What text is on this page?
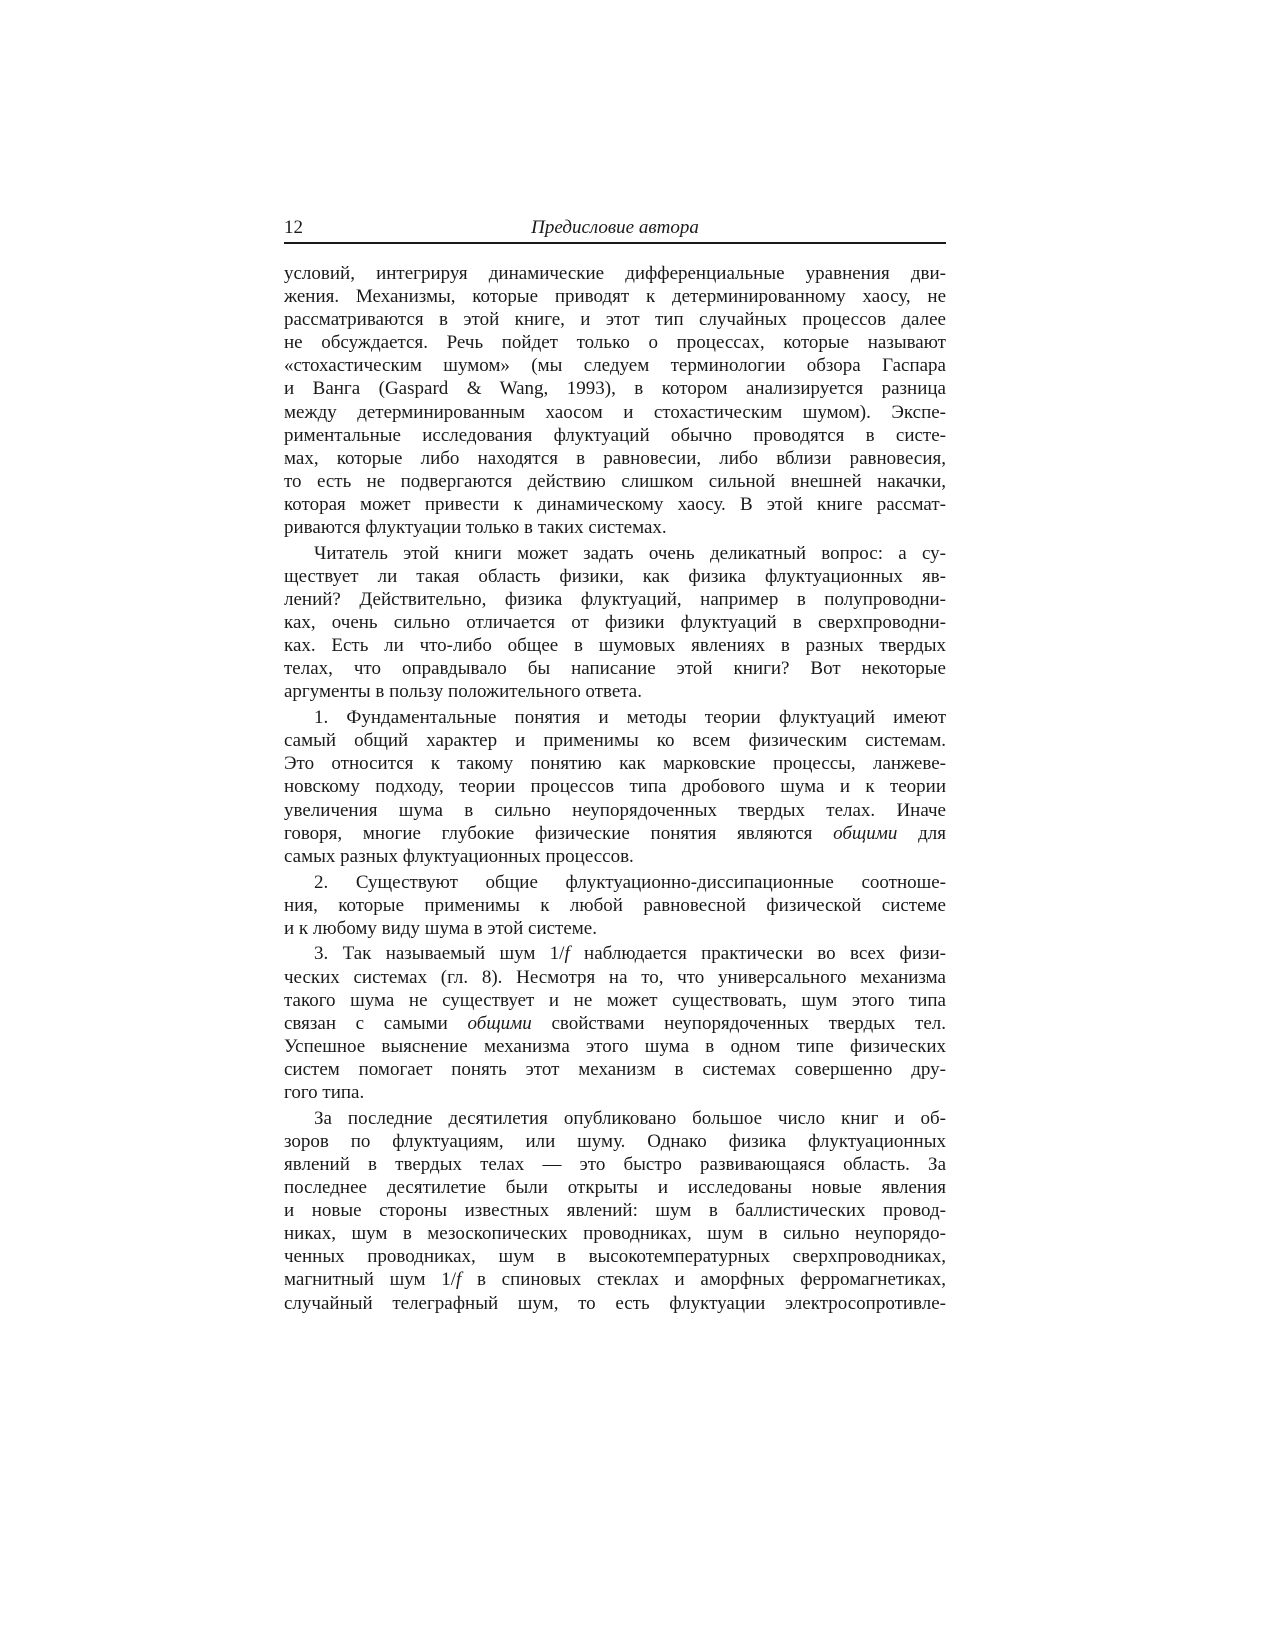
12	Предисловие автора

условий, интегрируя динамические дифференциальные уравнения дви-
жения. Механизмы, которые приводят к детерминированному хаосу, не
рассматриваются в этой книге, и этот тип случайных процессов далее
не обсуждается. Речь пойдет только о процессах, которые называют
«стохастическим шумом» (мы следуем терминологии обзора Гаспара
и Ванга (Gaspard & Wang, 1993), в котором анализируется разница
между детерминированным хаосом и стохастическим шумом). Экспе-
риментальные исследования флуктуаций обычно проводятся в систе-
мах, которые либо находятся в равновесии, либо вблизи равновесия,
то есть не подвергаются действию слишком сильной внешней накачки,
которая может привести к динамическому хаосу. В этой книге рассмат-
риваются флуктуации только в таких системах.

Читатель этой книги может задать очень деликатный вопрос: а су-
ществует ли такая область физики, как физика флуктуационных яв-
лений? Действительно, физика флуктуаций, например в полупроводни-
ках, очень сильно отличается от физики флуктуаций в сверхпроводни-
ках. Есть ли что-либо общее в шумовых явлениях в разных твердых
телах, что оправдывало бы написание этой книги? Вот некоторые
аргументы в пользу положительного ответа.

1. Фундаментальные понятия и методы теории флуктуаций имеют
самый общий характер и применимы ко всем физическим системам.
Это относится к такому понятию как марковские процессы, ланжеве-
новскому подходу, теории процессов типа дробового шума и к теории
увеличения шума в сильно неупорядоченных твердых телах. Иначе
говоря, многие глубокие физические понятия являются общими для
самых разных флуктуационных процессов.

2. Существуют общие флуктуационно-диссипационные соотноше-
ния, которые применимы к любой равновесной физической системе
и к любому виду шума в этой системе.

3. Так называемый шум 1/f наблюдается практически во всех физи-
ческих системах (гл. 8). Несмотря на то, что универсального механизма
такого шума не существует и не может существовать, шум этого типа
связан с самыми общими свойствами неупорядоченных твердых тел.
Успешное выяснение механизма этого шума в одном типе физических
систем помогает понять этот механизм в системах совершенно дру-
гого типа.

За последние десятилетия опубликовано большое число книг и об-
зоров по флуктуациям, или шуму. Однако физика флуктуационных
явлений в твердых телах — это быстро развивающаяся область. За
последнее десятилетие были открыты и исследованы новые явления
и новые стороны известных явлений: шум в баллистических провод-
никах, шум в мезоскопических проводниках, шум в сильно неупорядо-
ченных проводниках, шум в высокотемпературных сверхпроводниках,
магнитный шум 1/f в спиновых стеклах и аморфных ферромагнетиках,
случайный телеграфный шум, то есть флуктуации электросопротивле-
